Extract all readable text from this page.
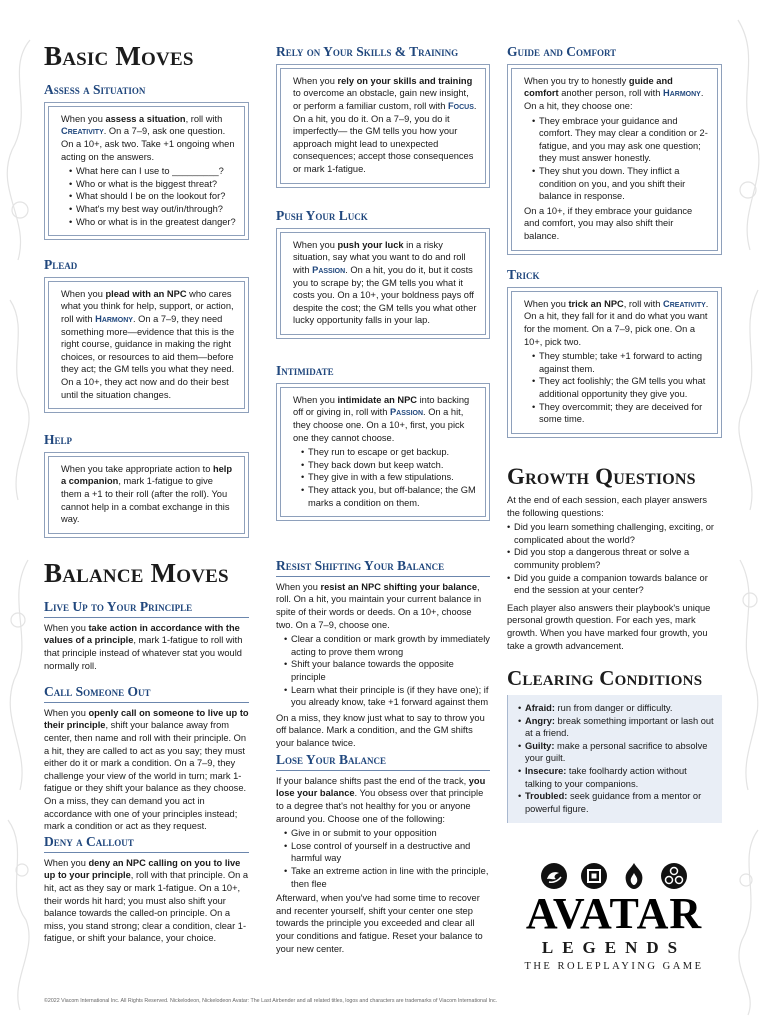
Basic Moves
Assess a Situation

When you assess a situation, roll with Creativity. On a 7–9, ask one question. On a 10+, ask two. Take +1 ongoing when acting on the answers.

• What here can I use to _________?
• Who or what is the biggest threat?
• What should I be on the lookout for?
• What's my best way out/in/through?
• Who or what is in the greatest danger?
Plead

When you plead with an NPC who cares what you think for help, support, or action, roll with Harmony. On a 7–9, they need something more—evidence that this is the right course, guidance in making the right choices, or resources to aid them—before they act; the GM tells you what they need. On a 10+, they act now and do their best until the situation changes.

Help

When you take appropriate action to help a companion, mark 1-fatigue to give them a +1 to their roll (after the roll). You cannot help in a combat exchange in this way.

Balance Moves
Live Up to Your Principle

When you take action in accordance with the values of a principle, mark 1-fatigue to roll with that principle instead of whatever stat you would normally roll.

Call Someone Out

When you openly call on someone to live up to their principle, shift your balance away from center, then name and roll with their principle. On a hit, they are called to act as you say; they must either do it or mark a condition. On a 7–9, they challenge your view of the world in turn; mark 1-fatigue or they shift your balance as they choose. On a miss, they can demand you act in accordance with one of your principles instead; mark a condition or act as they request.

Deny a Callout

When you deny an NPC calling on you to live up to your principle, roll with that principle. On a hit, act as they say or mark 1-fatigue. On a 10+, their words hit hard; you must also shift your balance towards the called-on principle. On a miss, you stand strong; clear a condition, clear 1-fatigue, or shift your balance, your choice.

Rely on Your Skills & Training

When you rely on your skills and training to overcome an obstacle, gain new insight, or perform a familiar custom, roll with Focus. On a hit, you do it. On a 7–9, you do it imperfectly— the GM tells you how your approach might lead to unexpected consequences; accept those consequences or mark 1-fatigue.

Push Your Luck

When you push your luck in a risky situation, say what you want to do and roll with Passion. On a hit, you do it, but it costs you to scrape by; the GM tells you what it costs you. On a 10+, your boldness pays off despite the cost; the GM tells you what other lucky opportunity falls in your lap.

Intimidate

When you intimidate an NPC into backing off or giving in, roll with Passion. On a hit, they choose one. On a 10+, first, you pick one they cannot choose.

• They run to escape or get backup.
• They back down but keep watch.
• They give in with a few stipulations.
• They attack you, but off-balance; the GM marks a condition on them.
Resist Shifting Your Balance

When you resist an NPC shifting your balance, roll. On a hit, you maintain your current balance in spite of their words or deeds. On a 10+, choose two. On a 7–9, choose one.

• Clear a condition or mark growth by immediately acting to prove them wrong
• Shift your balance towards the opposite principle
• Learn what their principle is (if they have one); if you already know, take +1 forward against them

On a miss, they know just what to say to throw you off balance. Mark a condition, and the GM shifts your balance twice.

Lose Your Balance

If your balance shifts past the end of the track, you lose your balance. You obsess over that principle to a degree that's not healthy for you or anyone around you. Choose one of the following:

• Give in or submit to your opposition
• Lose control of yourself in a destructive and harmful way
• Take an extreme action in line with the principle, then flee

Afterward, when you've had some time to recover and recenter yourself, shift your center one step towards the principle you exceeded and clear all your conditions and fatigue. Reset your balance to your new center.

Guide and Comfort

When you try to honestly guide and comfort another person, roll with Harmony. On a hit, they choose one:

• They embrace your guidance and comfort. They may clear a condition or 2-fatigue, and you may ask one question; they must answer honestly.
• They shut you down. They inflict a condition on you, and you shift their balance in response.

On a 10+, if they embrace your guidance and comfort, you may also shift their balance.

Trick

When you trick an NPC, roll with Creativity. On a hit, they fall for it and do what you want for the moment. On a 7–9, pick one. On a 10+, pick two.

• They stumble; take +1 forward to acting against them.
• They act foolishly; the GM tells you what additional opportunity they give you.
• They overcommit; they are deceived for some time.
Growth Questions

At the end of each session, each player answers the following questions:

• Did you learn something challenging, exciting, or complicated about the world?
• Did you stop a dangerous threat or solve a community problem?
• Did you guide a companion towards balance or end the session at your center?

Each player also answers their playbook's unique personal growth question. For each yes, mark growth. When you have marked four growth, you take a growth advancement.

Clearing Conditions
• Afraid: run from danger or difficulty.
• Angry: break something important or lash out at a friend.
• Guilty: make a personal sacrifice to absolve your guilt.
• Insecure: take foolhardy action without talking to your companions.
• Troubled: seek guidance from a mentor or powerful figure.
AVATAR
LEGENDS
THE ROLEPLAYING GAME
©2022 Viacom International Inc. All Rights Reserved. Nickelodeon, Nickelodeon Avatar: The Last Airbender and all related titles, logos and characters are trademarks of Viacom International Inc.
